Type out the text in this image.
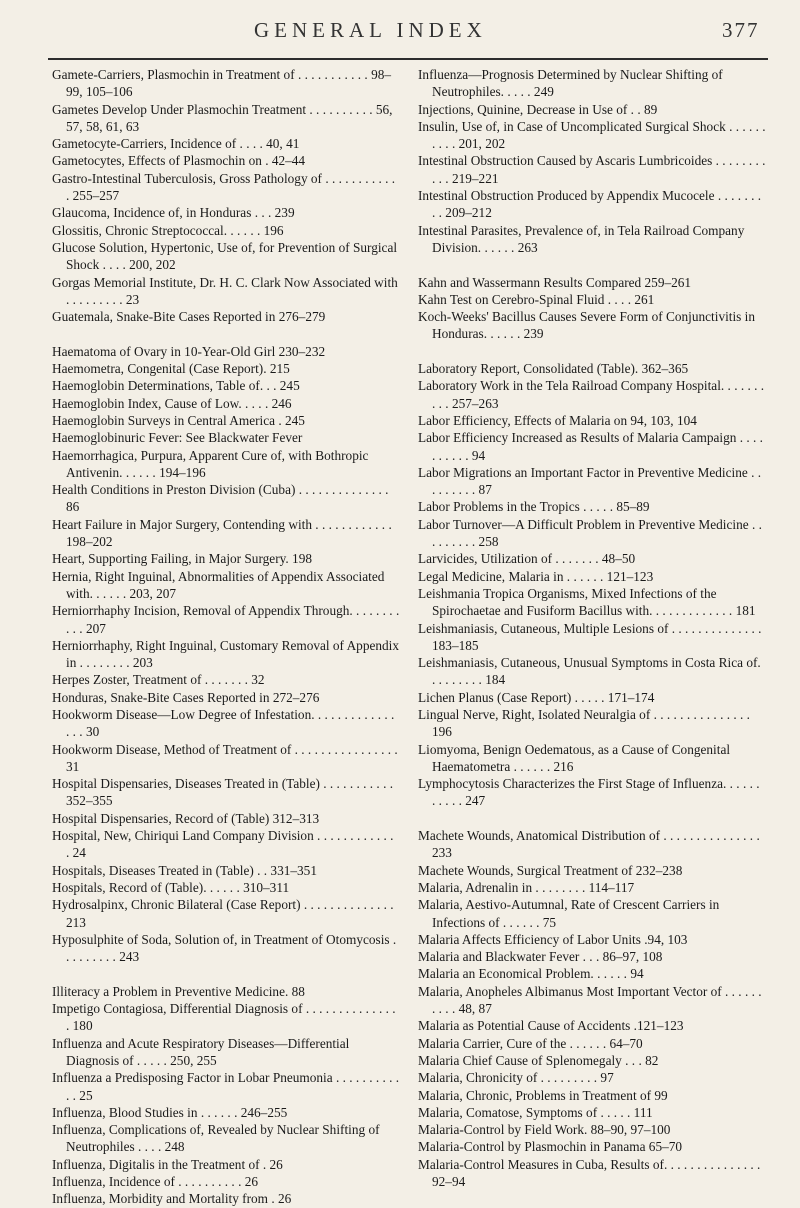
GENERAL INDEX	377

Gamete-Carriers, Plasmochin in Treatment of . . . . . . . . . . . 98–99, 105–106

Gametes Develop Under Plasmochin Treatment . . . . . . . . . . 56, 57, 58, 61, 63

Gametocyte-Carriers, Incidence of . . . . 40, 41

Gametocytes, Effects of Plasmochin on . 42–44

Gastro-Intestinal Tuberculosis, Gross Pathology of . . . . . . . . . . . . 255–257

Glaucoma, Incidence of, in Honduras . . . 239

Glossitis, Chronic Streptococcal. . . . . . 196

Glucose Solution, Hypertonic, Use of, for Prevention of Surgical Shock . . . . 200, 202

Gorgas Memorial Institute, Dr. H. C. Clark Now Associated with . . . . . . . . . 23

Guatemala, Snake-Bite Cases Reported in 276–279

Haematoma of Ovary in 10-Year-Old Girl 230–232

Haemometra, Congenital (Case Report). 215

Haemoglobin Determinations, Table of. . . 245

Haemoglobin Index, Cause of Low. . . . . 246

Haemoglobin Surveys in Central America . 245

Haemoglobinuric Fever: See Blackwater Fever

Haemorrhagica, Purpura, Apparent Cure of, with Bothropic Antivenin. . . . . . 194–196

Health Conditions in Preston Division (Cuba) . . . . . . . . . . . . . . 86

Heart Failure in Major Surgery, Contending with . . . . . . . . . . . . 198–202

Heart, Supporting Failing, in Major Surgery. 198

Hernia, Right Inguinal, Abnormalities of Appendix Associated with. . . . . . 203, 207

Herniorrhaphy Incision, Removal of Appendix Through. . . . . . . . . . . 207

Herniorrhaphy, Right Inguinal, Customary Removal of Appendix in . . . . . . . . 203

Herpes Zoster, Treatment of . . . . . . . 32

Honduras, Snake-Bite Cases Reported in 272–276

Hookworm Disease—Low Degree of Infestation. . . . . . . . . . . . . . . . 30

Hookworm Disease, Method of Treatment of . . . . . . . . . . . . . . . . 31

Hospital Dispensaries, Diseases Treated in (Table) . . . . . . . . . . . 352–355

Hospital Dispensaries, Record of (Table) 312–313

Hospital, New, Chiriqui Land Company Division . . . . . . . . . . . . . 24

Hospitals, Diseases Treated in (Table) . . 331–351

Hospitals, Record of (Table). . . . . . 310–311

Hydrosalpinx, Chronic Bilateral (Case Report) . . . . . . . . . . . . . . 213

Hyposulphite of Soda, Solution of, in Treatment of Otomycosis . . . . . . . . . 243

Illiteracy a Problem in Preventive Medicine. 88

Impetigo Contagiosa, Differential Diagnosis of . . . . . . . . . . . . . . . 180

Influenza and Acute Respiratory Diseases—Differential Diagnosis of . . . . . 250, 255

Influenza a Predisposing Factor in Lobar Pneumonia . . . . . . . . . . . . 25

Influenza, Blood Studies in . . . . . . 246–255

Influenza, Complications of, Revealed by Nuclear Shifting of Neutrophiles . . . . 248

Influenza, Digitalis in the Treatment of . 26

Influenza, Incidence of . . . . . . . . . . 26

Influenza, Morbidity and Mortality from . 26

Influenza—Prognosis Determined by Nuclear Shifting of Neutrophiles. . . . . 249

Injections, Quinine, Decrease in Use of . . 89

Insulin, Use of, in Case of Uncomplicated Surgical Shock . . . . . . . . . . 201, 202

Intestinal Obstruction Caused by Ascaris Lumbricoides . . . . . . . . . . . 219–221

Intestinal Obstruction Produced by Appendix Mucocele . . . . . . . . . 209–212

Intestinal Parasites, Prevalence of, in Tela Railroad Company Division. . . . . . 263

Kahn and Wassermann Results Compared 259–261

Kahn Test on Cerebro-Spinal Fluid . . . . 261

Koch-Weeks' Bacillus Causes Severe Form of Conjunctivitis in Honduras. . . . . . 239

Laboratory Report, Consolidated (Table). 362–365

Laboratory Work in the Tela Railroad Company Hospital. . . . . . . . . . 257–263

Labor Efficiency, Effects of Malaria on 94, 103, 104

Labor Efficiency Increased as Results of Malaria Campaign . . . . . . . . . . 94

Labor Migrations an Important Factor in Preventive Medicine . . . . . . . . . 87

Labor Problems in the Tropics . . . . . 85–89

Labor Turnover—A Difficult Problem in Preventive Medicine . . . . . . . . . 258

Larvicides, Utilization of . . . . . . . 48–50

Legal Medicine, Malaria in . . . . . . 121–123

Leishmania Tropica Organisms, Mixed Infections of the Spirochaetae and Fusiform Bacillus with. . . . . . . . . . . . . 181

Leishmaniasis, Cutaneous, Multiple Lesions of . . . . . . . . . . . . . . 183–185

Leishmaniasis, Cutaneous, Unusual Symptoms in Costa Rica of. . . . . . . . . 184

Lichen Planus (Case Report) . . . . . 171–174

Lingual Nerve, Right, Isolated Neuralgia of . . . . . . . . . . . . . . . 196

Liomyoma, Benign Oedematous, as a Cause of Congenital Haematometra . . . . . . 216

Lymphocytosis Characterizes the First Stage of Influenza. . . . . . . . . . . 247

Machete Wounds, Anatomical Distribution of . . . . . . . . . . . . . . . 233

Machete Wounds, Surgical Treatment of 232–238

Malaria, Adrenalin in . . . . . . . . 114–117

Malaria, Aestivo-Autumnal, Rate of Crescent Carriers in Infections of . . . . . . 75

Malaria Affects Efficiency of Labor Units .94, 103

Malaria and Blackwater Fever . . . 86–97, 108

Malaria an Economical Problem. . . . . . 94

Malaria, Anopheles Albimanus Most Important Vector of . . . . . . . . . . 48, 87

Malaria as Potential Cause of Accidents .121–123

Malaria Carrier, Cure of the . . . . . . 64–70

Malaria Chief Cause of Splenomegaly . . . 82

Malaria, Chronicity of . . . . . . . . . 97

Malaria, Chronic, Problems in Treatment of 99

Malaria, Comatose, Symptoms of . . . . . 111

Malaria-Control by Field Work. 88–90, 97–100

Malaria-Control by Plasmochin in Panama 65–70

Malaria-Control Measures in Cuba, Results of. . . . . . . . . . . . . . . 92–94
